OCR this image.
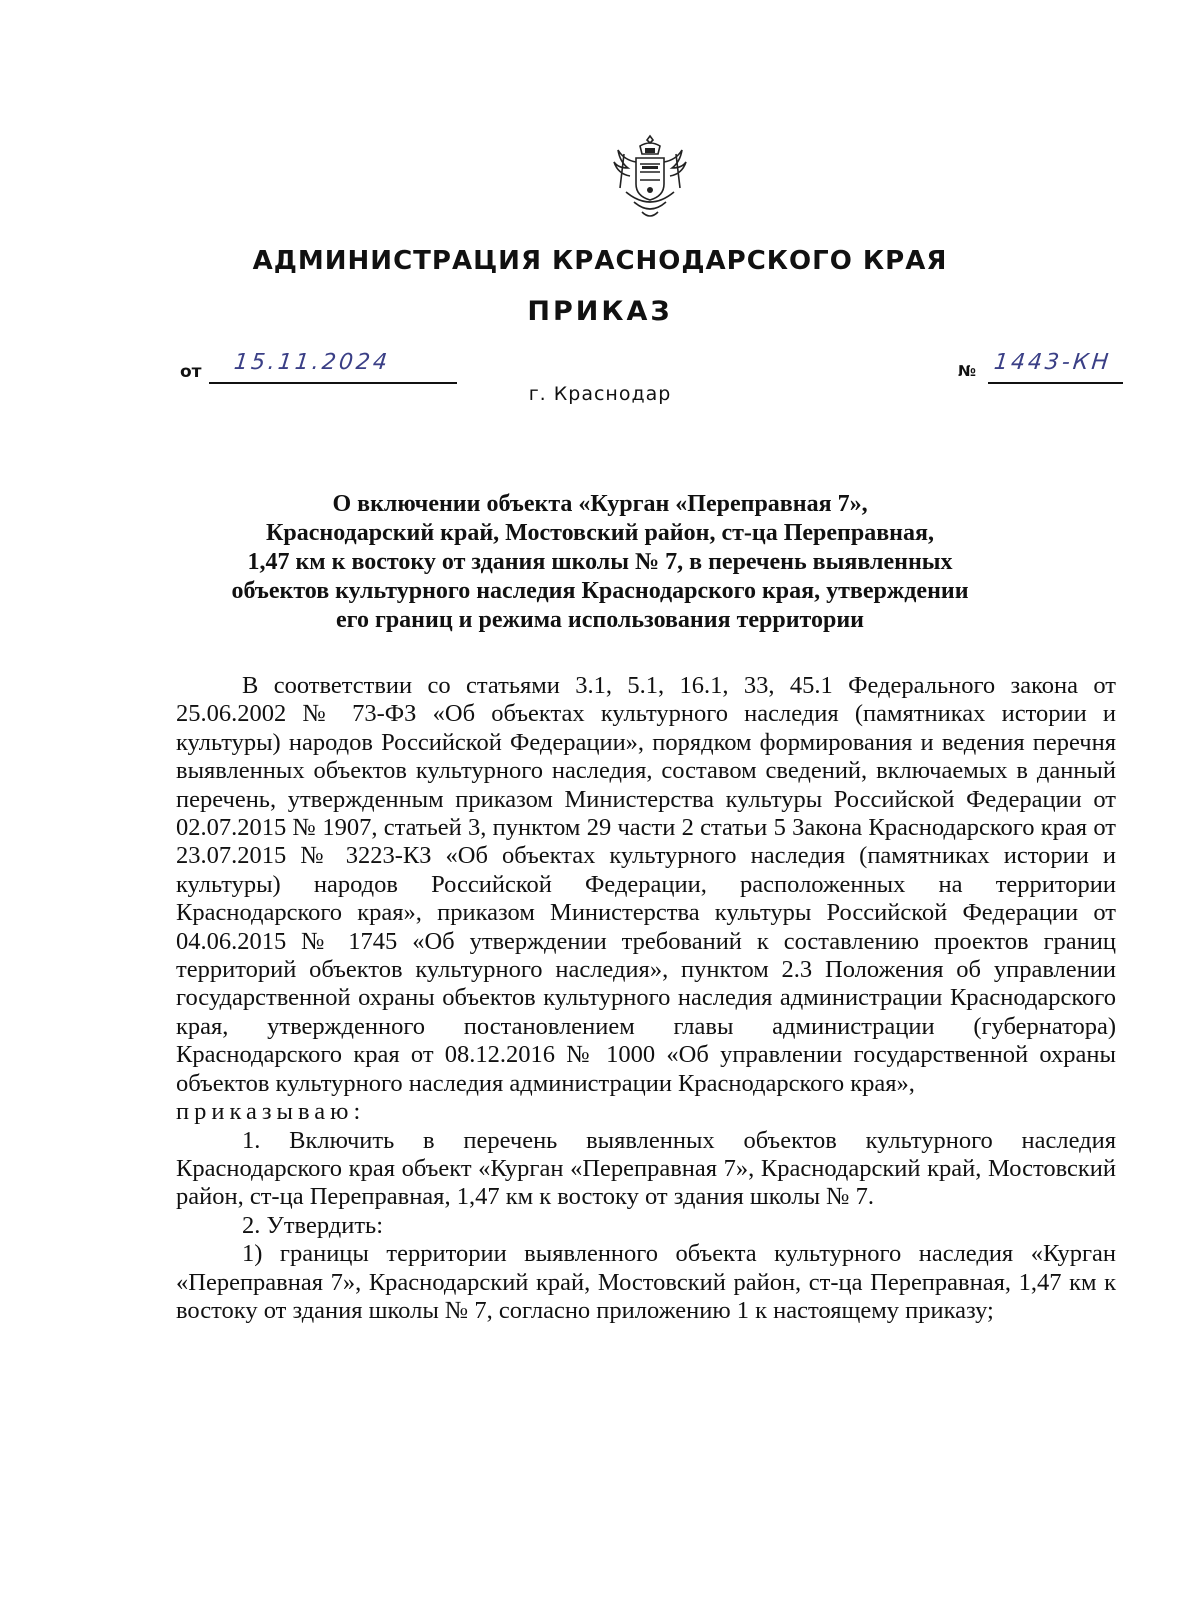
АДМИНИСТРАЦИЯ КРАСНОДАРСКОГО КРАЯ
ПРИКАЗ
от 15.11.2024	№ 1443-КН
г. Краснодар
О включении объекта «Курган «Переправная 7»,
Краснодарский край, Мостовский район, ст-ца Переправная,
1,47 км к востоку от здания школы № 7, в перечень выявленных
объектов культурного наследия Краснодарского края, утверждении
его границ и режима использования территории

В соответствии со статьями 3.1, 5.1, 16.1, 33, 45.1 Федерального закона от 25.06.2002 № 73-ФЗ «Об объектах культурного наследия (памятниках истории и культуры) народов Российской Федерации», порядком формирования и ведения перечня выявленных объектов культурного наследия, составом сведений, включаемых в данный перечень, утвержденным приказом Министерства культуры Российской Федерации от 02.07.2015 № 1907, статьей 3, пунктом 29 части 2 статьи 5 Закона Краснодарского края от 23.07.2015 № 3223-КЗ «Об объектах культурного наследия (памятниках истории и культуры) народов Российской Федерации, расположенных на территории Краснодарского края», приказом Министерства культуры Российской Федерации от 04.06.2015 № 1745 «Об утверждении требований к составлению проектов границ территорий объектов культурного наследия», пунктом 2.3 Положения об управлении государственной охраны объектов культурного наследия администрации Краснодарского края, утвержденного постановлением главы администрации (губернатора) Краснодарского края от 08.12.2016 № 1000 «Об управлении государственной охраны объектов культурного наследия администрации Краснодарского края»,

приказываю:

1. Включить в перечень выявленных объектов культурного наследия Краснодарского края объект «Курган «Переправная 7», Краснодарский край, Мостовский район, ст-ца Переправная, 1,47 км к востоку от здания школы № 7.

2. Утвердить:

1) границы территории выявленного объекта культурного наследия «Курган «Переправная 7», Краснодарский край, Мостовский район, ст-ца Переправная, 1,47 км к востоку от здания школы № 7, согласно приложению 1 к настоящему приказу;
